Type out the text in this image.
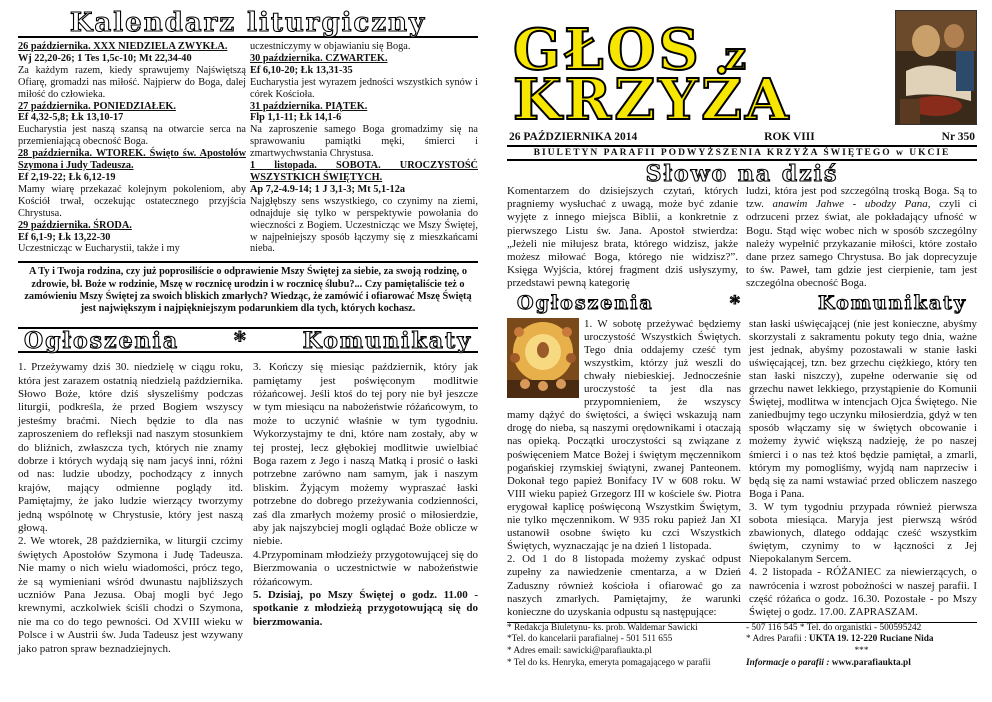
Kalendarz liturgiczny
26 października. XXX NIEDZIELA ZWYKŁA.
Wj 22,20-26; 1 Tes 1,5c-10; Mt 22,34-40
Za każdym razem, kiedy sprawujemy Najświętszą Ofiarę, gromadzi nas miłość. Najpierw do Boga, dalej miłość do człowieka.
27 października. PONIEDZIAŁEK.
Ef 4,32-5,8; Łk 13,10-17
Eucharystia jest naszą szansą na otwarcie serca na przemieniającą obecność Boga.
28 października. WTOREK. Święto św. Apostołów Szymona i Judy Tadeusza.
Ef 2,19-22; Łk 6,12-19
Mamy wiarę przekazać kolejnym pokoleniom, aby Kościół trwał, oczekując ostatecznego przyjścia Chrystusa.
29 października. ŚRODA.
Ef 6,1-9; Łk 13,22-30
Uczestnicząc w Eucharystii, także i my
uczestniczymy w objawianiu się Boga.
30 października. CZWARTEK.
Ef 6,10-20; Łk 13,31-35
Eucharystia jest wyrazem jedności wszystkich synów i córek Kościoła.
31 października. PIĄTEK.
Flp 1,1-11; Łk 14,1-6
Na zaproszenie samego Boga gromadzimy się na sprawowaniu pamiątki męki, śmierci i zmartwychwstania Chrystusa.
1 listopada. SOBOTA. UROCZYSTOŚĆ WSZYSTKICH ŚWIĘTYCH.
Ap 7,2-4.9-14; 1 J 3,1-3; Mt 5,1-12a
Najgłębszy sens wszystkiego, co czynimy na ziemi, odnajduje się tylko w perspektywie powołania do wieczności z Bogiem. Uczestnicząc we Mszy Świętej, w najpełniejszy sposób łączymy się z mieszkańcami nieba.
A Ty i Twoja rodzina, czy już poprosiliście o odprawienie Mszy Świętej za siebie, za swoją rodzinę, o zdrowie, bł. Boże w rodzinie, Mszę w rocznicę urodzin i w rocznicę ślubu?... Czy pamiętaliście też o zamówieniu Mszy Świętej za swoich bliskich zmarłych? Wiedząc, że zamówić i ofiarować Mszę Świętą jest największym i najpiękniejszym podarunkiem dla tych, których kochasz.
Ogłoszenia * Komunikaty

1. Przeżywamy dziś 30. niedzielę w ciągu roku, która jest zarazem ostatnią niedzielą października. Słowo Boże, które dziś słyszeliśmy podczas liturgii, podkreśla, że przed Bogiem wszyscy jesteśmy braćmi. Niech będzie to dla nas zaproszeniem do refleksji nad naszym stosunkiem do bliźnich, zwłaszcza tych, których nie znamy dobrze i których wydają się nam jacyś inni, różni od nas: ludzie ubodzy, pochodzący z innych krajów, mający odmienne poglądy itd. Pamiętajmy, że jako ludzie wierzący tworzymy jedną wspólnotę w Chrystusie, który jest naszą głową.

2. We wtorek, 28 października, w liturgii czcimy świętych Apostołów Szymona i Judę Tadeusza. Nie mamy o nich wielu wiadomości, prócz tego, że są wymieniani wśród dwunastu najbliższych uczniów Pana Jezusa. Obaj mogli być Jego krewnymi, aczkolwiek ściśli chodzi o Szymona, nie ma co do tego pewności. Od XVIII wieku w Polsce i w Austrii św. Juda Tadeusz jest wzywany jako patron spraw beznadziejnych.

3. Kończy się miesiąc październik, który jak pamiętamy jest poświęconym modlitwie różańcowej. Jeśli ktoś do tej pory nie był jeszcze w tym miesiącu na nabożeństwie różańcowym, to może to uczynić właśnie w tym tygodniu. Wykorzystajmy te dni, które nam zostały, aby w tej prostej, lecz głębokiej modlitwie uwielbiać Boga razem z Jego i naszą Matką i prosić o łaski potrzebne zarówno nam samym, jak i naszym bliskim. Żyjącym możemy wypraszać łaski potrzebne do dobrego przeżywania codzienności, zaś dla zmarłych możemy prosić o miłosierdzie, aby jak najszybciej mogli oglądać Boże oblicze w niebie.

4.Przypominam młodzieży przygotowującej się do Bierzmowania o uczestnictwie w nabożeństwie różańcowym.

5. Dzisiaj, po Mszy Świętej o godz. 11.00 - spotkanie z młodzieżą przygotowującą się do bierzmowania.

GŁOS z
KRZYŻA
26 PAŹDZIERNIKA 2014	ROK VIII	Nr 350
BIULETYN PARAFII PODWYŻSZENIA KRZYŻA ŚWIĘTEGO w UKCIE
Słowo na dziś
Komentarzem do dzisiejszych czytań, których pragniemy wysłuchać z uwagą, może być zdanie wyjęte z innego miejsca Biblii, a konkretnie z pierwszego Listu św. Jana. Apostoł stwierdza: „Jeżeli nie miłujesz brata, którego widzisz, jakże możesz miłować Boga, którego nie widzisz?”. Księga Wyjścia, której fragment dziś usłyszymy, przedstawi pewną kategorię
ludzi, która jest pod szczególną troską Boga. Są to tzw. anawim Jahwe - ubodzy Pana, czyli ci odrzuceni przez świat, ale pokładający ufność w Bogu. Stąd więc wobec nich w sposób szczególny należy wypełnić przykazanie miłości, które zostało dane przez samego Chrystusa. Bo jak doprecyzuje to św. Paweł, tam gdzie jest cierpienie, tam jest szczególna obecność Boga.
Ogłoszenia	*	Komunikaty

1. W sobotę przeżywać będziemy uroczystość Wszystkich Świętych. Tego dnia oddajemy cześć tym wszystkim, którzy już weszli do chwały niebieskiej. Jednocześnie uroczystość ta jest dla nas przypomnieniem, że wszyscy mamy dążyć do świętości, a święci wskazują nam drogę do nieba, są naszymi orędownikami i otaczają nas opieką. Początki uroczystości są związane z poświęceniem Matce Bożej i świętym męczennikom pogańskiej rzymskiej świątyni, zwanej Panteonem. Dokonał tego papież Bonifacy IV w 608 roku. W VIII wieku papież Grzegorz III w kościele św. Piotra erygował kaplicę poświęconą Wszystkim Świętym, nie tylko męczennikom. W 935 roku papież Jan XI ustanowił osobne święto ku czci Wszystkich Świętych, wyznaczając je na dzień 1 listopada.

2. Od 1 do 8 listopada możemy zyskać odpust zupełny za nawiedzenie cmentarza, a w Dzień Zaduszny również kościoła i ofiarować go za naszych zmarłych. Pamiętajmy, że warunki konieczne do uzyskania odpustu są następujące:

stan łaski uświęcającej (nie jest konieczne, abyśmy skorzystali z sakramentu pokuty tego dnia, ważne jest jednak, abyśmy pozostawali w stanie łaski uświęcającej, tzn. bez grzechu ciężkiego, który ten stan łaski niszczy), zupełne oderwanie się od grzechu nawet lekkiego, przystąpienie do Komunii Świętej, modlitwa w intencjach Ojca Świętego. Nie zaniedbujmy tego uczynku miłosierdzia, gdyż w ten sposób włączamy się w świętych obcowanie i możemy żywić większą nadzieję, że po naszej śmierci i o nas też ktoś będzie pamiętał, a zmarli, którym my pomogliśmy, wyjdą nam naprzeciw i będą się za nami wstawiać przed obliczem naszego Boga i Pana.

3. W tym tygodniu przypada również pierwsza sobota miesiąca. Maryja jest pierwszą wśród zbawionych, dlatego oddając cześć wszystkim świętym, czynimy to w łączności z Jej Niepokalanym Sercem.

4. 2 listopada - RÓŻANIEC za niewierzących, o nawrócenia i wzrost pobożności w naszej parafii. I część różańca o godz. 16.30. Pozostałe - po Mszy Świętej o godz. 17.00. ZAPRASZAM.

* Redakcja Biuletynu- ks. prob. Waldemar Sawicki
*Tel. do kancelarii parafialnej - 501 511 655
* Adres email: sawicki@parafiaukta.pl
* Tel do ks. Henryka, emeryta pomagającego w parafii
- 507 116 545 * Tel. do organistki - 500595242
* Adres Parafii : UKTA 19. 12-220 Ruciane Nida
***
Informacje o parafii : www.parafiaukta.pl
